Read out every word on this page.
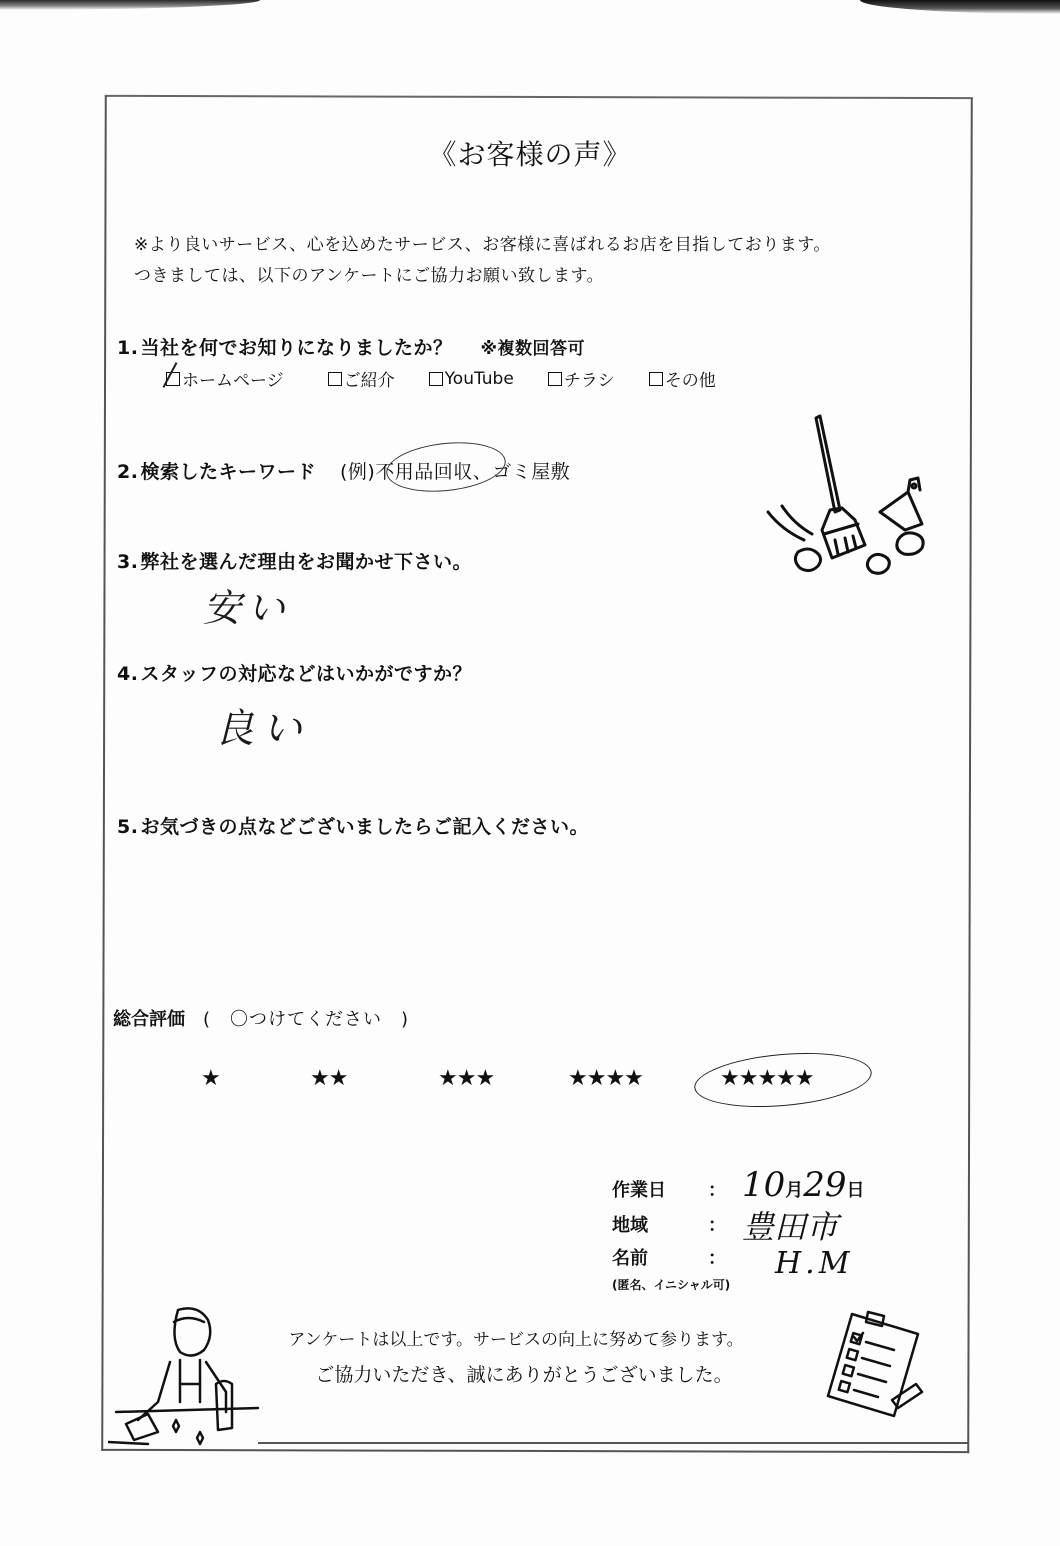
《お客様の声》
※より良いサービス、心を込めたサービス、お客様に喜ばれるお店を目指しております。
つきましては、以下のアンケートにご協力お願い致します。
1. 当社を何でお知りになりましたか？ ※複数回答可
ホームページ	ご紹介	YouTube	チラシ	その他
2. 検索したキーワード (例)不用品回収、ゴミ屋敷
3. 弊社を選んだ理由をお聞かせ下さい。
安い
4. スタッフの対応などはいかがですか？
良い
5. お気づきの点などございましたらご記入ください。
総合評価 (　〇つけてください　)
★	★★	★★★	★★★★	★★★★★
作業日 ： 10月29日
地域	： 豊田市
名前	： H.M
(匿名、イニシャル可)
アンケートは以上です。サービスの向上に努めて参ります。
ご協力いただき、誠にありがとうございました。
